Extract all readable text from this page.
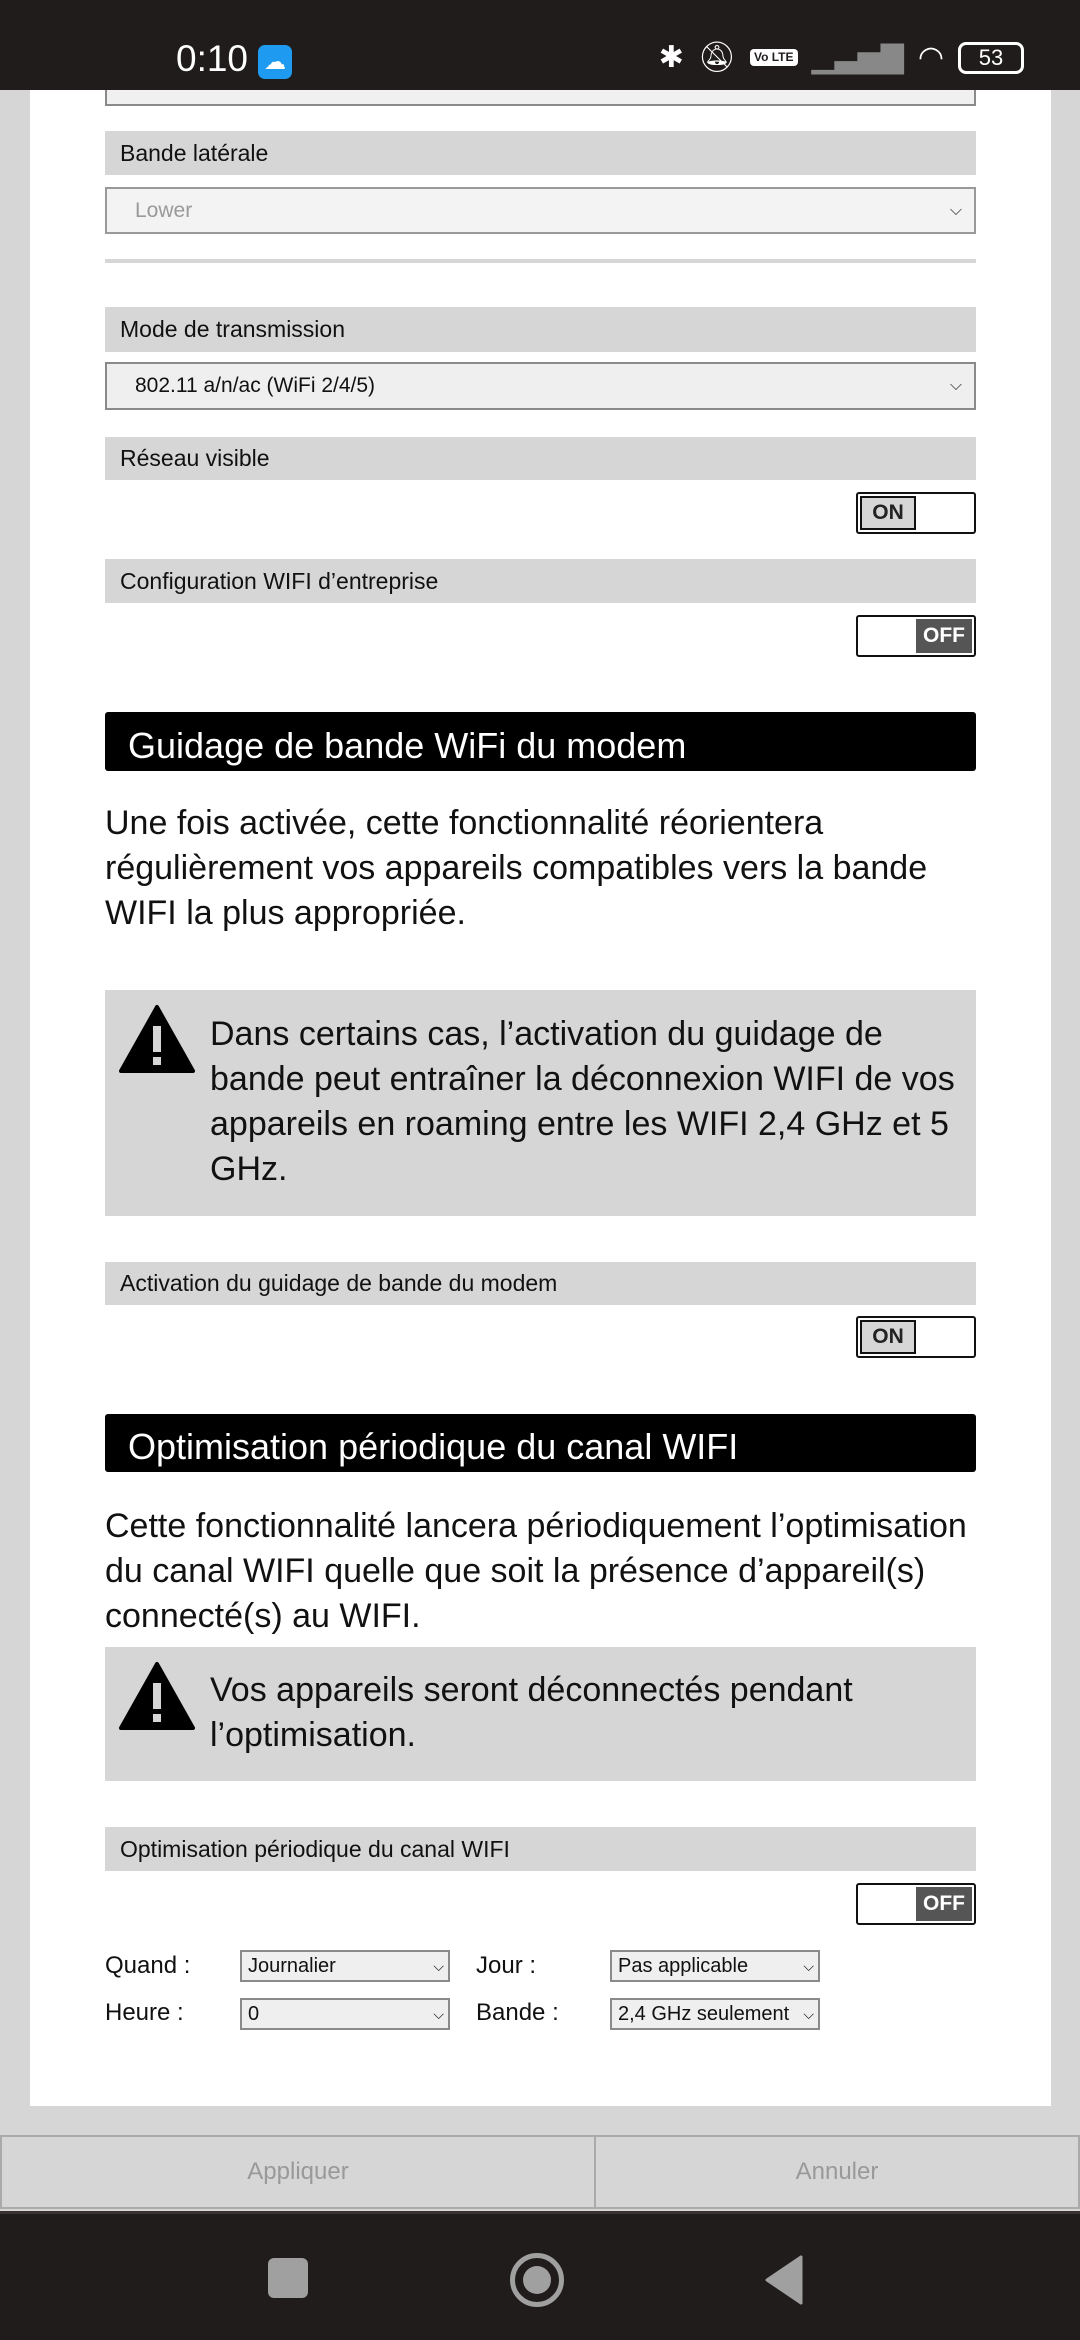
0:10 ☁	✱ 🔕︎	Vo LTE ▁▃▅▇ ◠	53
Bande latérale
Lower	⌵
Mode de transmission
802.11 a/n/ac (WiFi 2/4/5)	⌵
Réseau visible
ON
Configuration WIFI d’entreprise
OFF
Guidage de bande WiFi du modem
Une fois activée, cette fonctionnalité réorientera régulièrement vos appareils compatibles vers la bande WIFI la plus appropriée.
Dans certains cas, l’activation du guidage de bande peut entraîner la déconnexion WIFI de vos appareils en roaming entre les WIFI 2,4 GHz et 5 GHz.
Activation du guidage de bande du modem
ON
Optimisation périodique du canal WIFI
Cette fonctionnalité lancera périodiquement l’optimisation du canal WIFI quelle que soit la présence d’appareil(s) connecté(s) au WIFI.
Vos appareils seront déconnectés pendant l’optimisation.
Optimisation périodique du canal WIFI
OFF
Quand :	Journalier	⌵ Jour :	Pas applicable	⌵
Heure :	0	⌵ Bande :	2,4 GHz seulement ⌵
Appliquer	Annuler
